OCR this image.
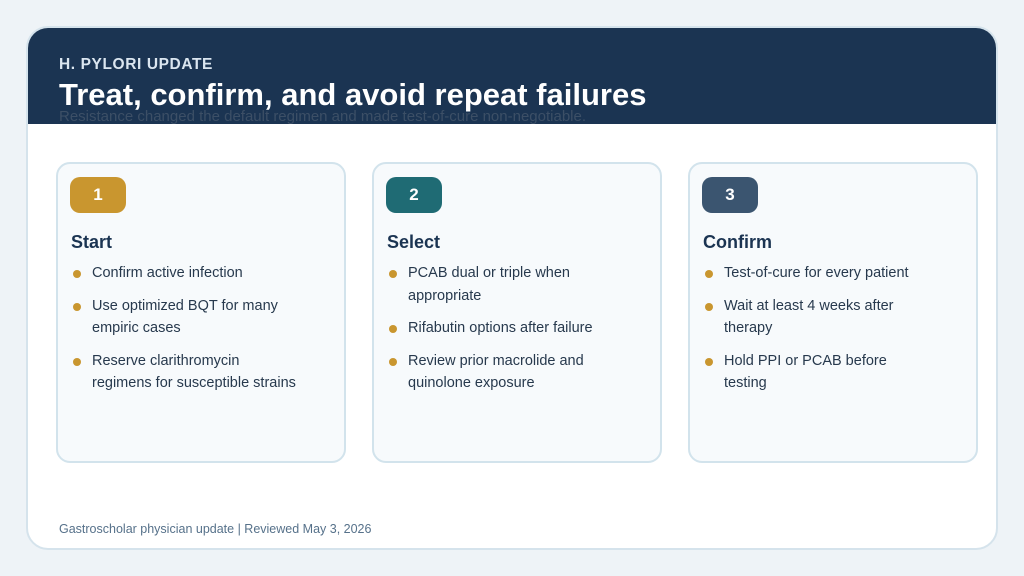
H. PYLORI UPDATE
Treat, confirm, and avoid repeat failures
Resistance changed the default regimen and made test-of-cure non-negotiable.
1
Start
Confirm active infection
Use optimized BQT for many empiric cases
Reserve clarithromycin regimens for susceptible strains
2
Select
PCAB dual or triple when appropriate
Rifabutin options after failure
Review prior macrolide and quinolone exposure
3
Confirm
Test-of-cure for every patient
Wait at least 4 weeks after therapy
Hold PPI or PCAB before testing
Gastroscholar physician update | Reviewed May 3, 2026
